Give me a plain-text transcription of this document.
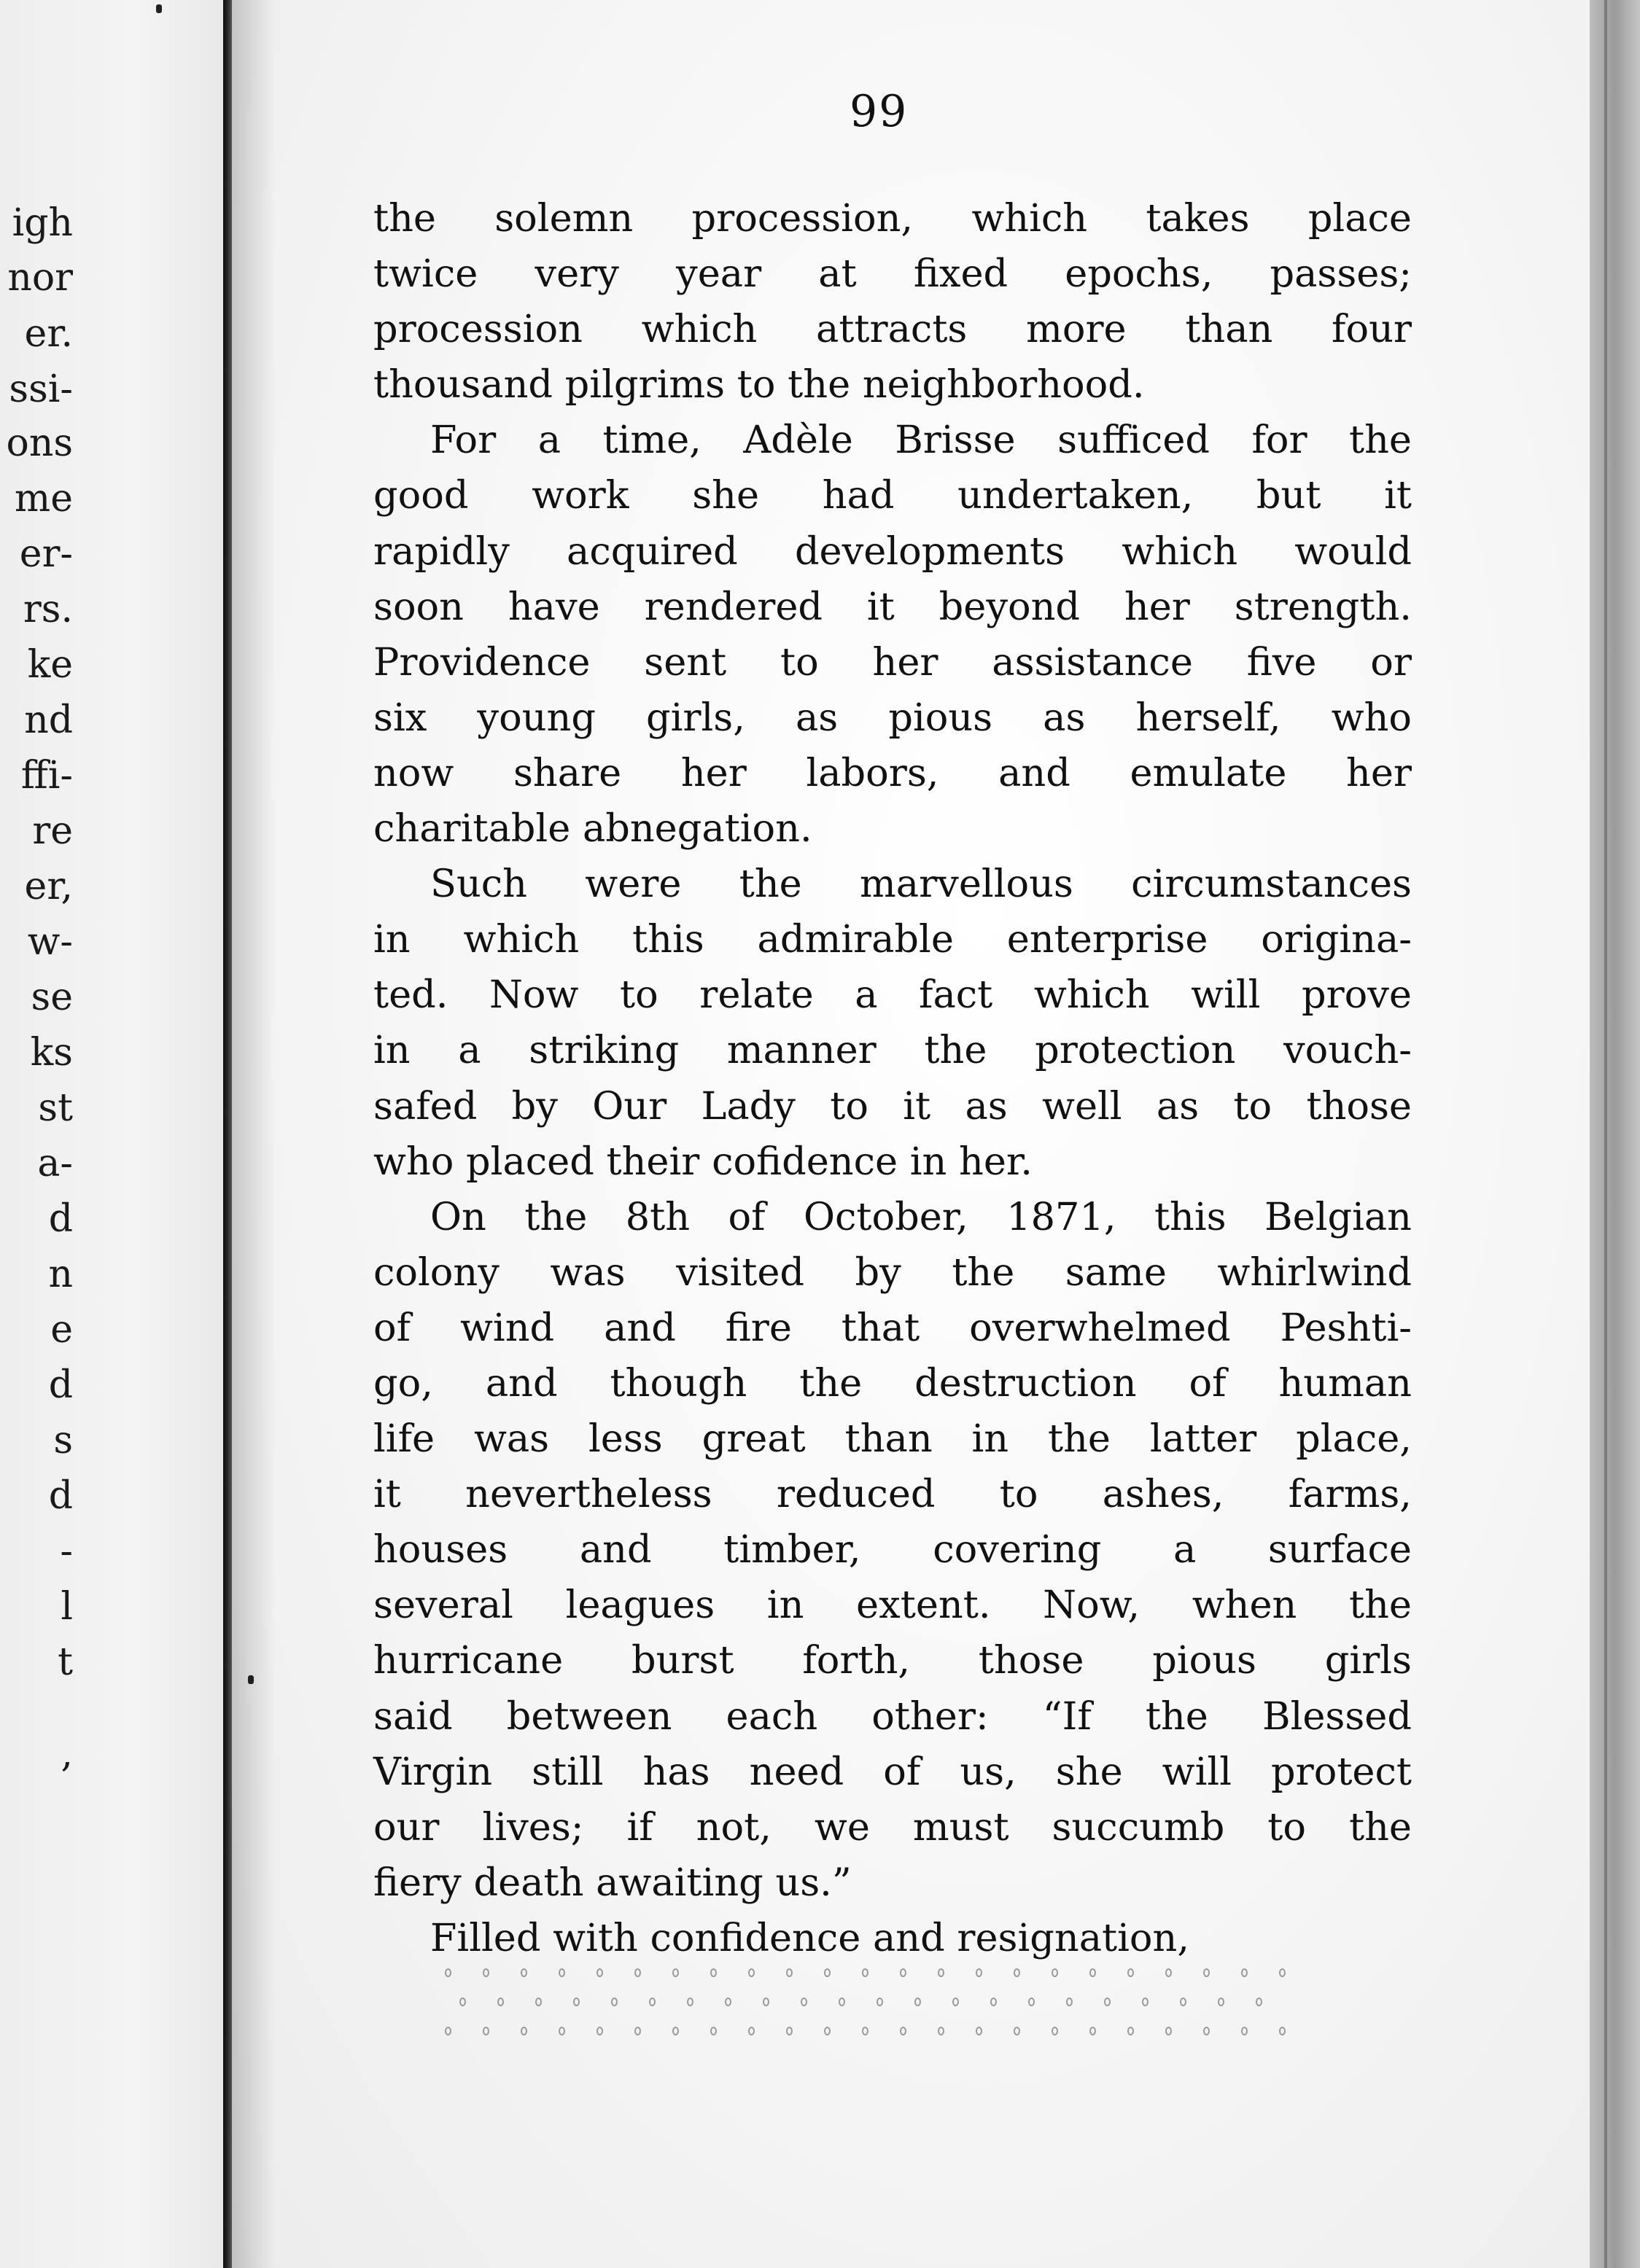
igh
nor
er.
ssi-
ons
me
er-
rs.
ke
nd
ffi-
re
er,
w-
se
ks
st
a-
d
n
e
d
s
d
-
l
t
,
99
the solemn procession, which takes place
twice very year at fixed epochs, passes;
procession which attracts more than four
thousand pilgrims to the neighborhood.
For a time, Adèle Brisse sufficed for the
good work she had undertaken, but it
rapidly acquired developments which would
soon have rendered it beyond her strength.
Providence sent to her assistance five or
six young girls, as pious as herself, who
now share her labors, and emulate her
charitable abnegation.
Such were the marvellous circumstances
in which this admirable enterprise origina-
ted. Now to relate a fact which will prove
in a striking manner the protection vouch-
safed by Our Lady to it as well as to those
who placed their cofidence in her.
On the 8th of October, 1871, this Belgian
colony was visited by the same whirlwind
of wind and fire that overwhelmed Peshti-
go, and though the destruction of human
life was less great than in the latter place,
it nevertheless reduced to ashes, farms,
houses and timber, covering a surface
several leagues in extent. Now, when the
hurricane burst forth, those pious girls
said between each other: “If the Blessed
Virgin still has need of us, she will protect
our lives; if not, we must succumb to the
fiery death awaiting us.”
Filled with confidence and resignation,
